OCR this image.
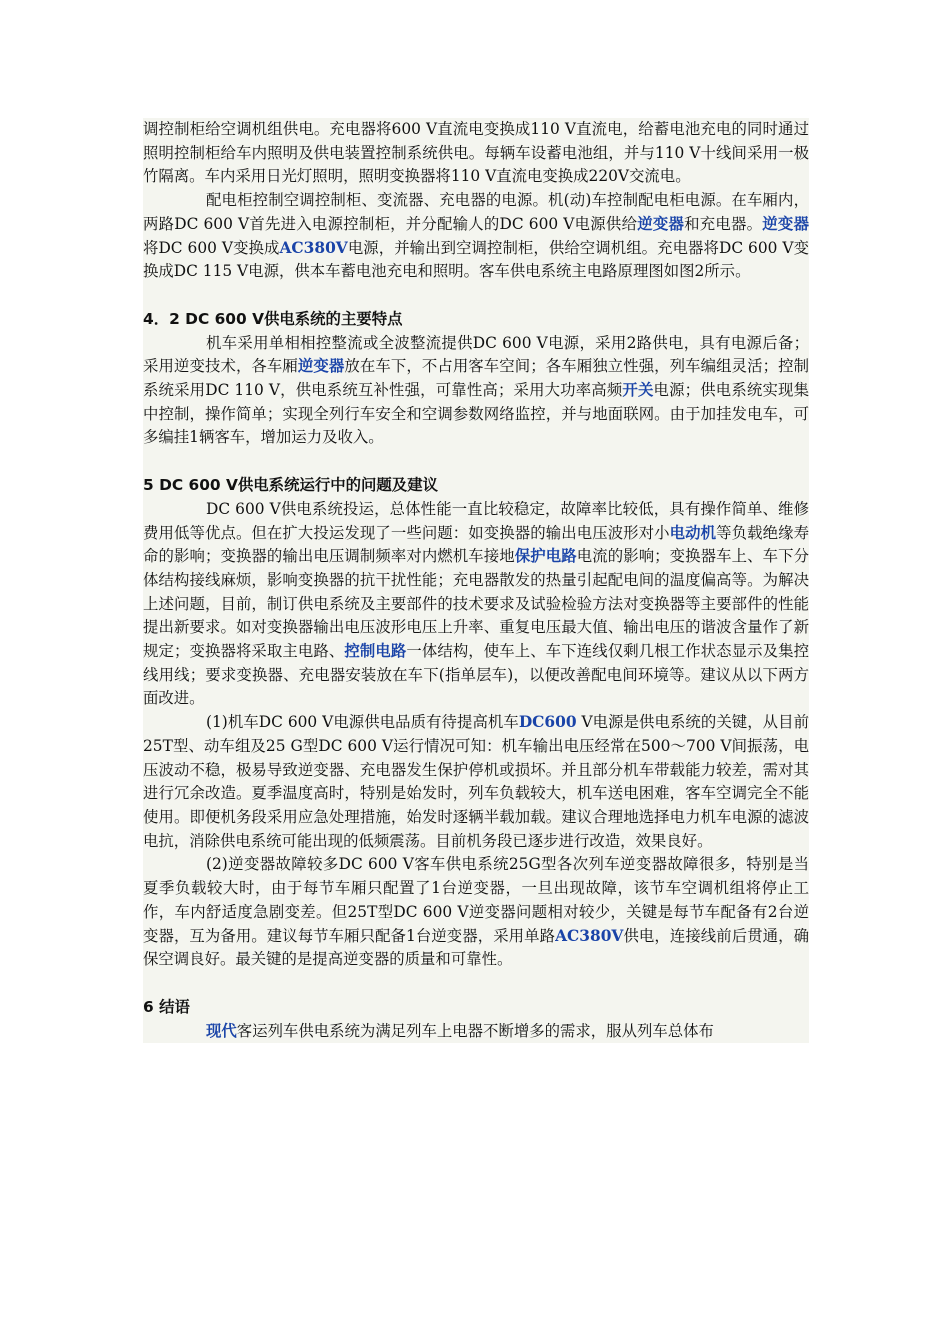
调控制柜给空调机组供电。充电器将600 V直流电变换成110 V直流电，给蓄电池充电的同时通过照明控制柜给车内照明及供电装置控制系统供电。每辆车设蓄电池组，并与110 V十线间采用一极竹隔离。车内采用日光灯照明，照明变换器将110 V直流电变换成220V交流电。

配电柜控制空调控制柜、变流器、充电器的电源。机(动)车控制配电柜电源。在车厢内，两路DC 600 V首先进入电源控制柜，并分配输人的DC 600 V电源供给逆变器和充电器。逆变器将DC 600 V变换成AC380V电源，并输出到空调控制柜，供给空调机组。充电器将DC 600 V变换成DC 115 V电源，供本车蓄电池充电和照明。客车供电系统主电路原理图如图2所示。

4．2 DC 600 V供电系统的主要特点

机车采用单相相控整流或全波整流提供DC 600 V电源，采用2路供电，具有电源后备；采用逆变技术，各车厢逆变器放在车下，不占用客车空间；各车厢独立性强，列车编组灵活；控制系统采用DC 110 V，供电系统互补性强，可靠性高；采用大功率高频开关电源；供电系统实现集中控制，操作简单；实现全列行车安全和空调参数网络监控，并与地面联网。由于加挂发电车，可多编挂1辆客车，增加运力及收入。

5 DC 600 V供电系统运行中的问题及建议

DC 600 V供电系统投运，总体性能一直比较稳定，故障率比较低，具有操作简单、维修费用低等优点。但在扩大投运发现了一些问题：如变换器的输出电压波形对小电动机等负载绝缘寿命的影响；变换器的输出电压调制频率对内燃机车接地保护电路电流的影响；变换器车上、车下分体结构接线麻烦，影响变换器的抗干扰性能；充电器散发的热量引起配电间的温度偏高等。为解决上述问题，目前，制订供电系统及主要部件的技术要求及试验检验方法对变换器等主要部件的性能提出新要求。如对变换器输出电压波形电压上升率、重复电压最大值、输出电压的谐波含量作了新规定；变换器将采取主电路、控制电路一体结构，使车上、车下连线仅剩几根工作状态显示及集控线用线；要求变换器、充电器安装放在车下(指单层车)，以便改善配电间环境等。建议从以下两方面改进。

(1)机车DC 600 V电源供电品质有待提高机车DC600 V电源是供电系统的关键，从目前25T型、动车组及25 G型DC 600 V运行情况可知：机车输出电压经常在500～700 V间振荡，电压波动不稳，极易导致逆变器、充电器发生保护停机或损坏。并且部分机车带载能力较差，需对其进行冗余改造。夏季温度高时，特别是始发时，列车负载较大，机车送电困难，客车空调完全不能使用。即便机务段采用应急处理措施，始发时逐辆半载加载。建议合理地选择电力机车电源的滤波电抗，消除供电系统可能出现的低频震荡。目前机务段已逐步进行改造，效果良好。

(2)逆变器故障较多DC 600 V客车供电系统25G型各次列车逆变器故障很多，特别是当夏季负载较大时，由于每节车厢只配置了1台逆变器，一旦出现故障，该节车空调机组将停止工作，车内舒适度急剧变差。但25T型DC 600 V逆变器问题相对较少，关键是每节车配备有2台逆变器，互为备用。建议每节车厢只配备1台逆变器，采用单路AC380V供电，连接线前后贯通，确保空调良好。最关键的是提高逆变器的质量和可靠性。

6 结语

现代客运列车供电系统为满足列车上电器不断增多的需求，服从列车总体布
